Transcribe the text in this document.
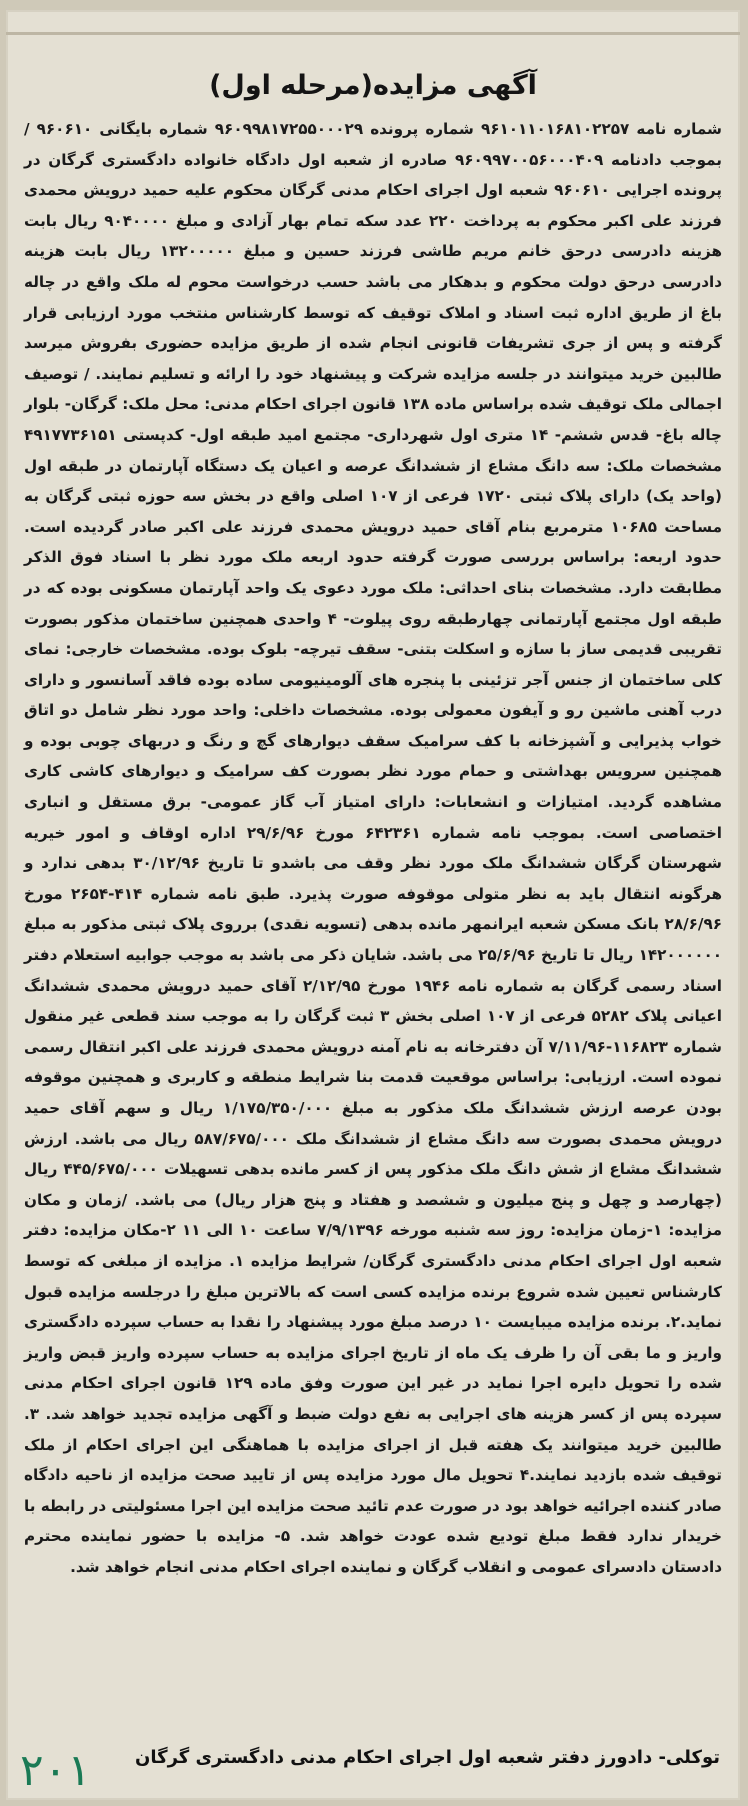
آگهی مزایده(مرحله اول)

شماره نامه ۹۶۱۰۱۱۰۱۶۸۱۰۲۲۵۷ شماره پرونده ۹۶۰۹۹۸۱۷۲۵۵۰۰۰۲۹ شماره بایگانی ۹۶۰۶۱۰ /بموجب دادنامه ۹۶۰۹۹۷۰۰۵۶۰۰۰۴۰۹ صادره از شعبه اول دادگاه خانواده دادگستری گرگان در پرونده اجرایی ۹۶۰۶۱۰ شعبه اول اجرای احکام مدنی گرگان محکوم علیه حمید درویش محمدی فرزند علی اکبر محکوم به پرداخت ۲۲۰ عدد سکه تمام بهار آزادی و مبلغ ۹۰۴۰۰۰۰ ریال بابت هزینه دادرسی درحق خانم مریم طاشی فرزند حسین و مبلغ ۱۳۲۰۰۰۰۰ ریال بابت هزینه دادرسی درحق دولت محکوم و بدهکار می باشد حسب درخواست محوم له ملک واقع در چاله باغ از طریق اداره ثبت اسناد و املاک توقیف که توسط کارشناس منتخب مورد ارزیابی قرار گرفته و پس از جری تشریفات قانونی انجام شده از طریق مزایده حضوری بفروش میرسد طالبین خرید میتوانند در جلسه مزایده شرکت و پیشنهاد خود را ارائه و تسلیم نمایند. / توصیف اجمالی ملک توقیف شده براساس ماده ۱۳۸ قانون اجرای احکام مدنی: محل ملک: گرگان- بلوار چاله باغ- قدس ششم- ۱۴ متری اول شهرداری- مجتمع امید طبقه اول- کدپستی ۴۹۱۷۷۳۶۱۵۱ مشخصات ملک: سه دانگ مشاع از ششدانگ عرصه و اعیان یک دستگاه آپارتمان در طبقه اول (واحد یک) دارای پلاک ثبتی ۱۷۲۰ فرعی از ۱۰۷ اصلی واقع در بخش سه حوزه ثبتی گرگان به مساحت ۱۰۶۸۵ مترمربع بنام آقای حمید درویش محمدی فرزند علی اکبر صادر گردیده است. حدود اربعه: براساس بررسی صورت گرفته حدود اربعه ملک مورد نظر با اسناد فوق الذکر مطابقت دارد. مشخصات بنای احداثی: ملک مورد دعوی یک واحد آپارتمان مسکونی بوده که در طبقه اول مجتمع آپارتمانی چهارطبقه روی پیلوت- ۴ واحدی همچنین ساختمان مذکور بصورت تقریبی قدیمی ساز با سازه و اسکلت بتنی- سقف تیرچه- بلوک بوده. مشخصات خارجی: نمای کلی ساختمان از جنس آجر تزئینی با پنجره های آلومینیومی ساده بوده فاقد آسانسور و دارای درب آهنی ماشین رو و آیفون معمولی بوده. مشخصات داخلی: واحد مورد نظر شامل دو اتاق خواب پذیرایی و آشپزخانه با کف سرامیک سقف دیوارهای گچ و رنگ و دربهای چوبی بوده و همچنین سرویس بهداشتی و حمام مورد نظر بصورت کف سرامیک و دیوارهای کاشی کاری مشاهده گردید. امتیازات و انشعابات: دارای امتیاز آب گاز عمومی- برق مستقل و انباری اختصاصی است. بموجب نامه شماره ۶۴۲۳۶۱ مورخ ۲۹/۶/۹۶ اداره اوقاف و امور خیریه شهرستان گرگان ششدانگ ملک مورد نظر وقف می باشدو تا تاریخ ۳۰/۱۲/۹۶ بدهی ندارد و هرگونه انتقال باید به نظر متولی موقوفه صورت پذیرد. طبق نامه شماره ۴۱۴-۲۶۵۴ مورخ ۲۸/۶/۹۶ بانک مسکن شعبه ایرانمهر مانده بدهی (تسویه نقدی) برروی پلاک ثبتی مذکور به مبلغ ۱۴۲۰۰۰۰۰۰ ریال تا تاریخ ۲۵/۶/۹۶ می باشد. شایان ذکر می باشد به موجب جوابیه استعلام دفتر اسناد رسمی گرگان به شماره نامه ۱۹۴۶ مورخ ۲/۱۲/۹۵ آقای حمید درویش محمدی ششدانگ اعیانی پلاک ۵۲۸۲ فرعی از ۱۰۷ اصلی بخش ۳ ثبت گرگان را به موجب سند قطعی غیر منقول شماره ۱۱۶۸۲۳-۷/۱۱/۹۶ آن دفترخانه به نام آمنه درویش محمدی فرزند علی اکبر انتقال رسمی نموده است. ارزیابی: براساس موقعیت قدمت بنا شرایط منطقه و کاربری و همچنین موقوفه بودن عرصه ارزش ششدانگ ملک مذکور به مبلغ ۱/۱۷۵/۳۵۰/۰۰۰ ریال و سهم آقای حمید درویش محمدی بصورت سه دانگ مشاع از ششدانگ ملک ۵۸۷/۶۷۵/۰۰۰ ریال می باشد. ارزش ششدانگ مشاع از شش دانگ ملک مذکور پس از کسر مانده بدهی تسهیلات ۴۴۵/۶۷۵/۰۰۰ ریال (چهارصد و چهل و پنج میلیون و ششصد و هفتاد و پنج هزار ریال) می باشد. /زمان و مکان مزایده: ۱-زمان مزایده: روز سه شنبه مورخه ۷/۹/۱۳۹۶ ساعت ۱۰ الی ۱۱ ۲-مکان مزایده: دفتر شعبه اول اجرای احکام مدنی دادگستری گرگان/ شرایط مزایده ۱. مزایده از مبلغی که توسط کارشناس تعیین شده شروع برنده مزایده کسی است که بالاترین مبلغ را درجلسه مزایده قبول نماید.۲. برنده مزایده میبایست ۱۰ درصد مبلغ مورد پیشنهاد را نقدا به حساب سپرده دادگستری واریز و ما بقی آن را ظرف یک ماه از تاریخ اجرای مزایده به حساب سپرده واریز قبض واریز شده را تحویل دایره اجرا نماید در غیر این صورت وفق ماده ۱۲۹ قانون اجرای احکام مدنی سپرده پس از کسر هزینه های اجرایی به نفع دولت ضبط و آگهی مزایده تجدید خواهد شد. ۳. طالبین خرید میتوانند یک هفته قبل از اجرای مزایده با هماهنگی این اجرای احکام از ملک توقیف شده بازدید نمایند.۴ تحویل مال مورد مزایده پس از تایید صحت مزایده از ناحیه دادگاه صادر کننده اجرائیه خواهد بود در صورت عدم تائید صحت مزایده این اجرا مسئولیتی در رابطه با خریدار ندارد فقط مبلغ تودیع شده عودت خواهد شد. ۵- مزایده با حضور نماینده محترم دادستان دادسرای عمومی و انقلاب گرگان و نماینده اجرای احکام مدنی انجام خواهد شد.

توکلی- دادورز دفتر شعبه اول اجرای احکام مدنی دادگستری گرگان
۲۰۱
